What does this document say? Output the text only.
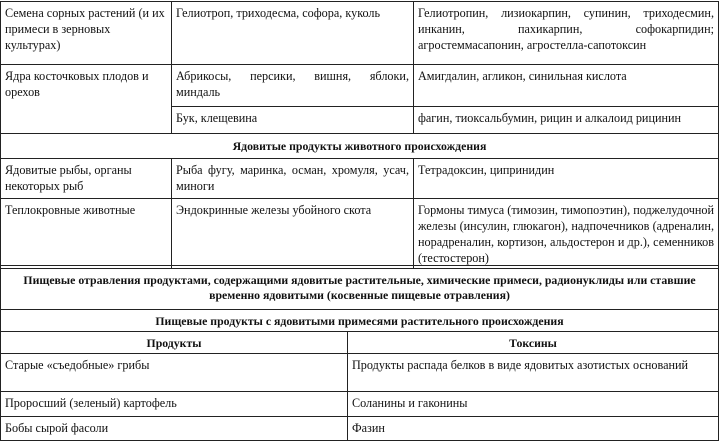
Семена сорных растений (и их примеси в зерновых культурах)	Гелиотроп, триходесма, софора, куколь	Гелиотропин, лизиокарпин, супинин, триходесмин, инканин, пахикарпин, софокарпидин; агростеммасапонин, агростелла-сапотоксин
Ядра косточковых плодов и орехов	Абрикосы, персики, вишня, яблоки, миндаль	Амигдалин, агликон, синильная кислота
	Бук, клещевина	фагин, тиоксальбумин, рицин и алкалоид рицинин
Ядовитые продукты животного происхождения		
Ядовитые рыбы, органы некоторых рыб	Рыба фугу, маринка, осман, хромуля, усач, миноги	Тетрадоксин, ципринидин
Теплокровные животные	Эндокринные железы убойного скота	Гормоны тимуса (тимозин, тимопоэтин), поджелудочной железы (инсулин, глюкагон), надпочечников (адреналин, норадреналин, кортизон, альдостерон и др.), семенников (тестостерон)
Пищевые отравления продуктами, содержащими ядовитые растительные, химические примеси, радионуклиды или ставшие временно ядовитыми (косвенные пищевые отравления)	
Пищевые продукты с ядовитыми примесями растительного происхождения	
Продукты	Токсины
Старые «съедобные» грибы	Продукты распада белков в виде ядовитых азотистых оснований
Проросший (зеленый) картофель	Соланины и гаконины
Бобы сырой фасоли	Фазин
